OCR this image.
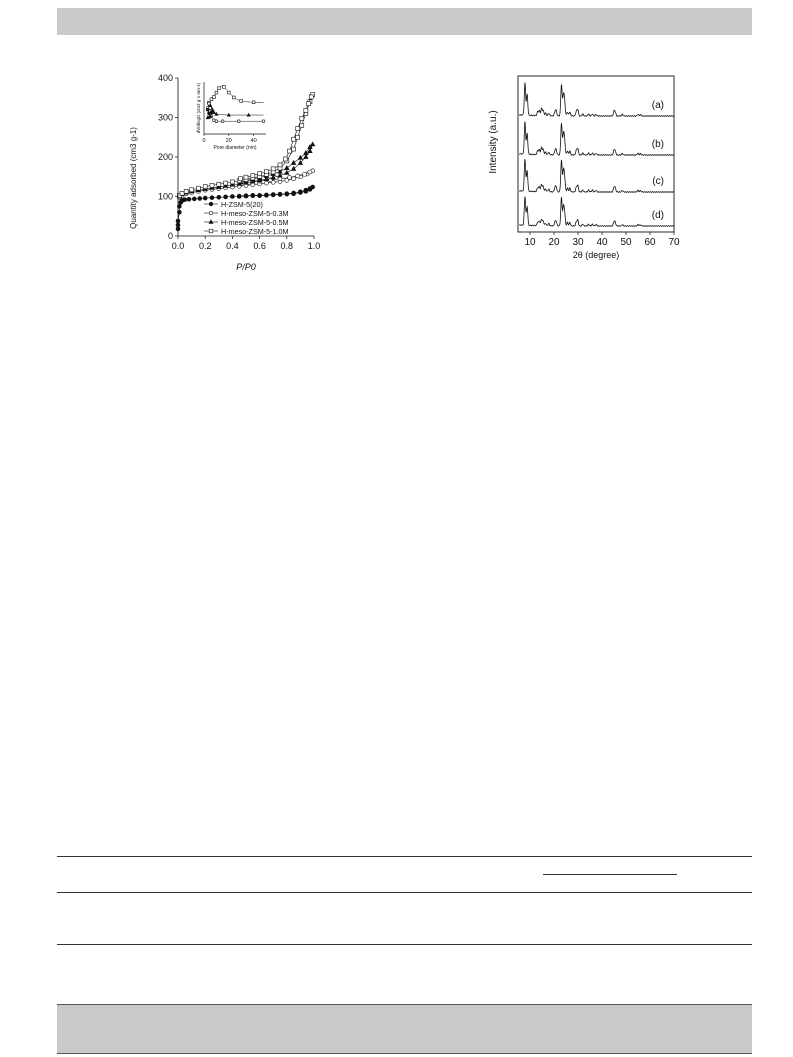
0.0 0.2 0.4 0.6 0.8 1.0
0
100
200
300
400
0	20	40
Pore diameter (nm)
dV/dlogD (cm3 g-1 nm-1)
H-ZSM-5(20)
H-meso-ZSM-5-0.3M
H-meso-ZSM-5-0.5M
H-meso-ZSM-5-1.0M
P/P0
Quantity adsorbed (cm3 g-1)
(a)
(b)
(c)
(d)
10 20 30 40 50 60 70
2θ (degree)
Intensity (a.u.)
